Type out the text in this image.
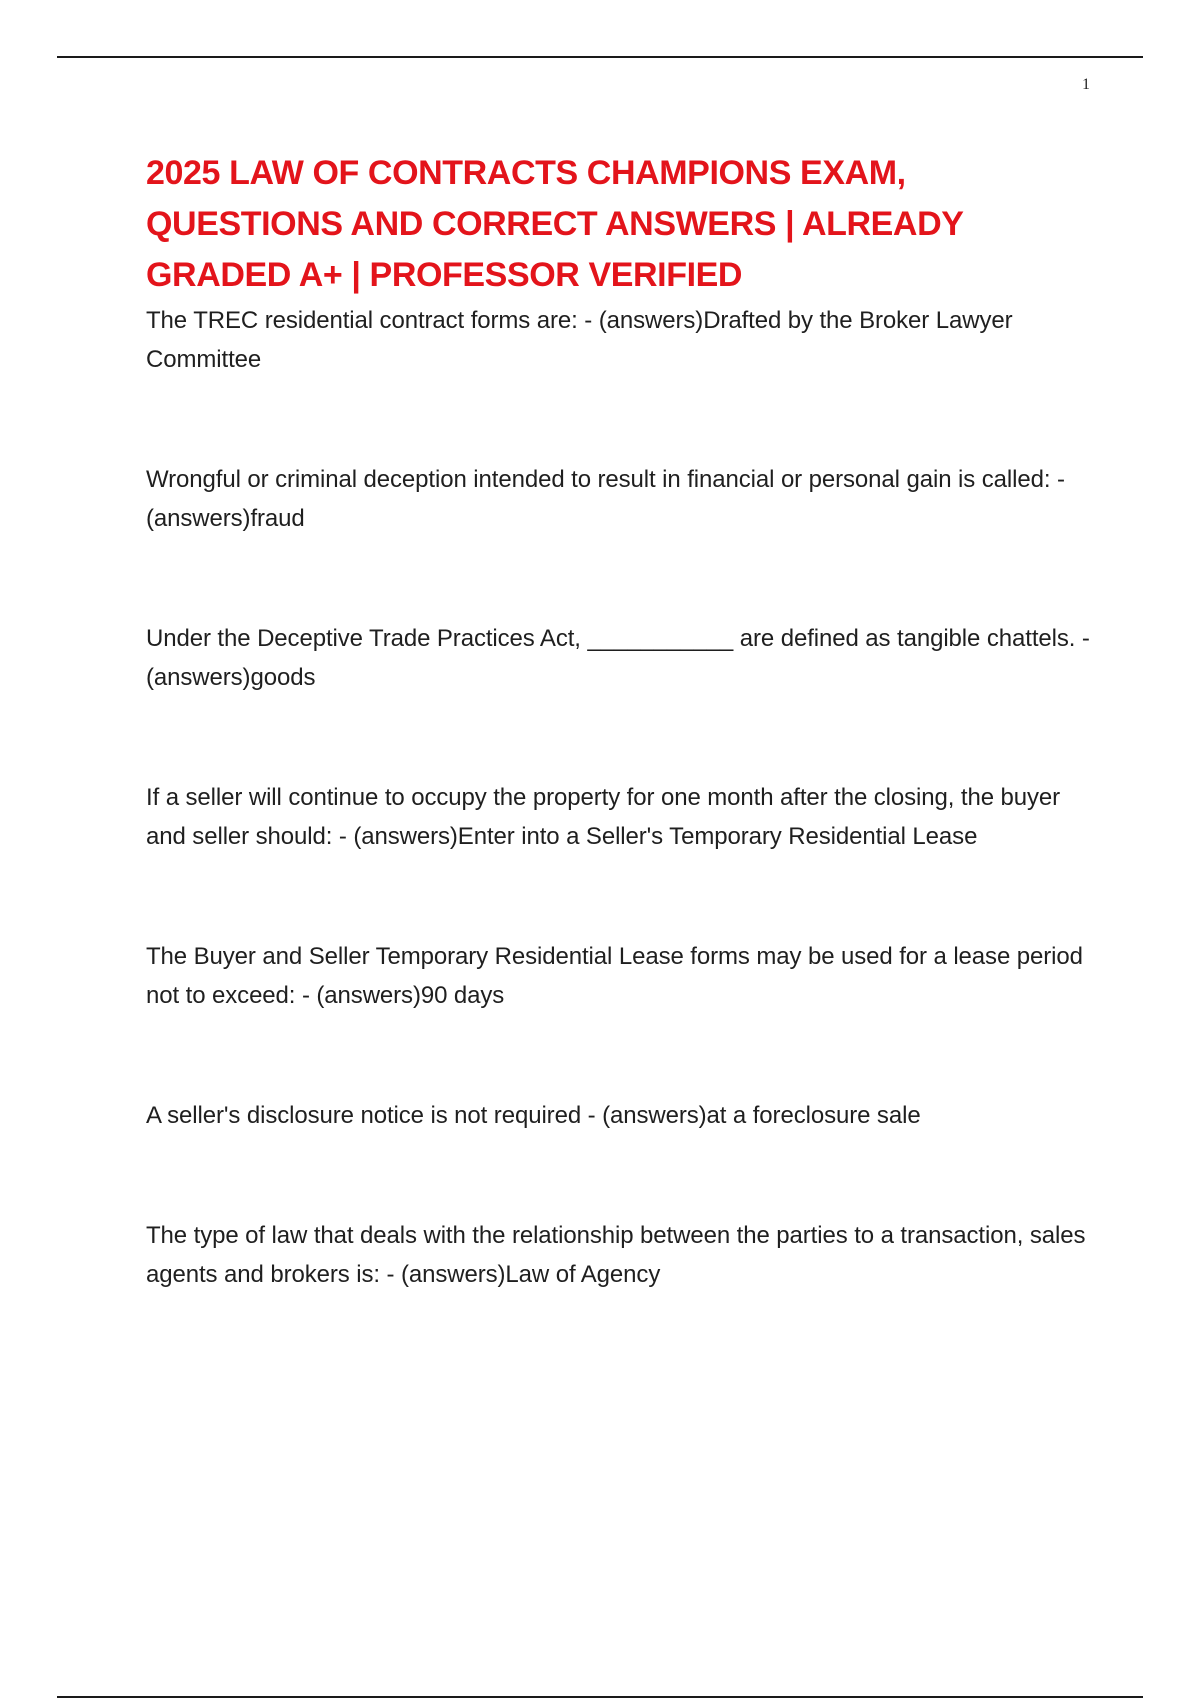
1
2025 LAW OF CONTRACTS CHAMPIONS EXAM, QUESTIONS AND CORRECT ANSWERS | ALREADY GRADED A+ | PROFESSOR VERIFIED
The TREC residential contract forms are: - (answers)Drafted by the Broker Lawyer Committee
Wrongful or criminal deception intended to result in financial or personal gain is called: - (answers)fraud
Under the Deceptive Trade Practices Act, ___________ are defined as tangible chattels. - (answers)goods
If a seller will continue to occupy the property for one month after the closing, the buyer and seller should: - (answers)Enter into a Seller's Temporary Residential Lease
The Buyer and Seller Temporary Residential Lease forms may be used for a lease period not to exceed: - (answers)90 days
A seller's disclosure notice is not required - (answers)at a foreclosure sale
The type of law that deals with the relationship between the parties to a transaction, sales agents and brokers is: - (answers)Law of Agency
